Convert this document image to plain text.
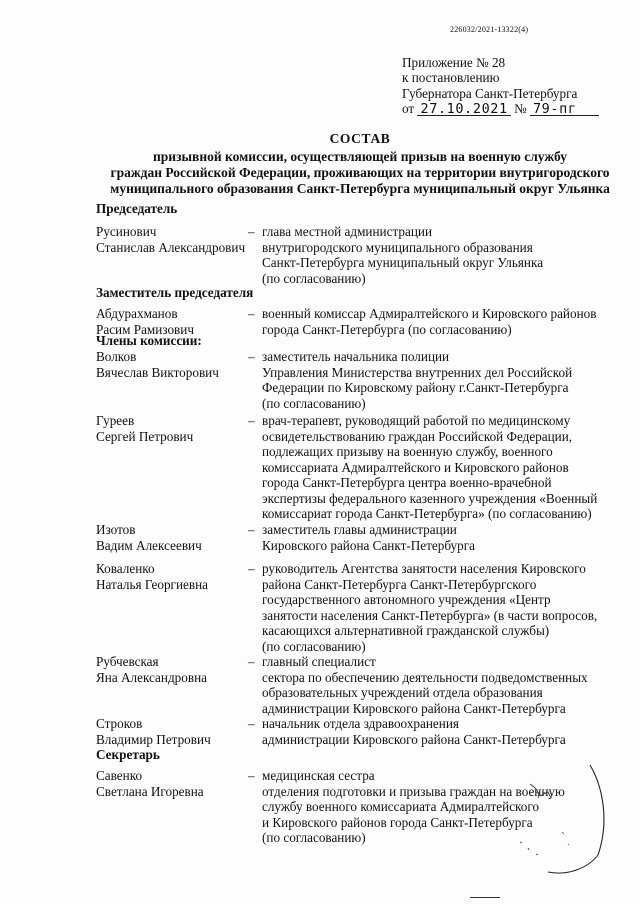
226032/2021-13322(4)
Приложение № 28
к постановлению
Губернатора Санкт-Петербурга
от 27.10.2021 № 79-пг
СОСТАВ
призывной комиссии, осуществляющей призыв на военную службу
граждан Российской Федерации, проживающих на территории внутригородского
муниципального образования Санкт-Петербурга муниципальный округ Ульянка
Председатель
Русинович
Станислав Александрович
– глава местной администрации
внутригородского муниципального образования
Санкт-Петербурга муниципальный округ Ульянка
(по согласованию)
Заместитель председателя
Абдурахманов
Расим Рамизович
– военный комиссар Адмиралтейского и Кировского районов
города Санкт-Петербурга (по согласованию)
Члены комиссии:
Волков
Вячеслав Викторович
– заместитель начальника полиции
Управления Министерства внутренних дел Российской
Федерации по Кировскому району г.Санкт-Петербурга
(по согласованию)
Гуреев
Сергей Петрович
– врач-терапевт, руководящий работой по медицинскому
освидетельствованию граждан Российской Федерации,
подлежащих призыву на военную службу, военного
комиссариата Адмиралтейского и Кировского районов
города Санкт-Петербурга центра военно-врачебной
экспертизы федерального казенного учреждения «Военный
комиссариат города Санкт-Петербурга» (по согласованию)
Изотов
Вадим Алексеевич
– заместитель главы администрации
Кировского района Санкт-Петербурга
Коваленко
Наталья Георгиевна
– руководитель Агентства занятости населения Кировского
района Санкт-Петербурга Санкт-Петербургского
государственного автономного учреждения «Центр
занятости населения Санкт-Петербурга» (в части вопросов,
касающихся альтернативной гражданской службы)
(по согласованию)
Рубчевская
Яна Александровна
– главный специалист
сектора по обеспечению деятельности подведомственных
образовательных учреждений отдела образования
администрации Кировского района Санкт-Петербурга
Строков
Владимир Петрович
– начальник отдела здравоохранения
администрации Кировского района Санкт-Петербурга
Секретарь
Савенко
Светлана Игоревна
– медицинская сестра
отделения подготовки и призыва граждан на военную
службу военного комиссариата Адмиралтейского
и Кировского районов города Санкт-Петербурга
(по согласованию)
